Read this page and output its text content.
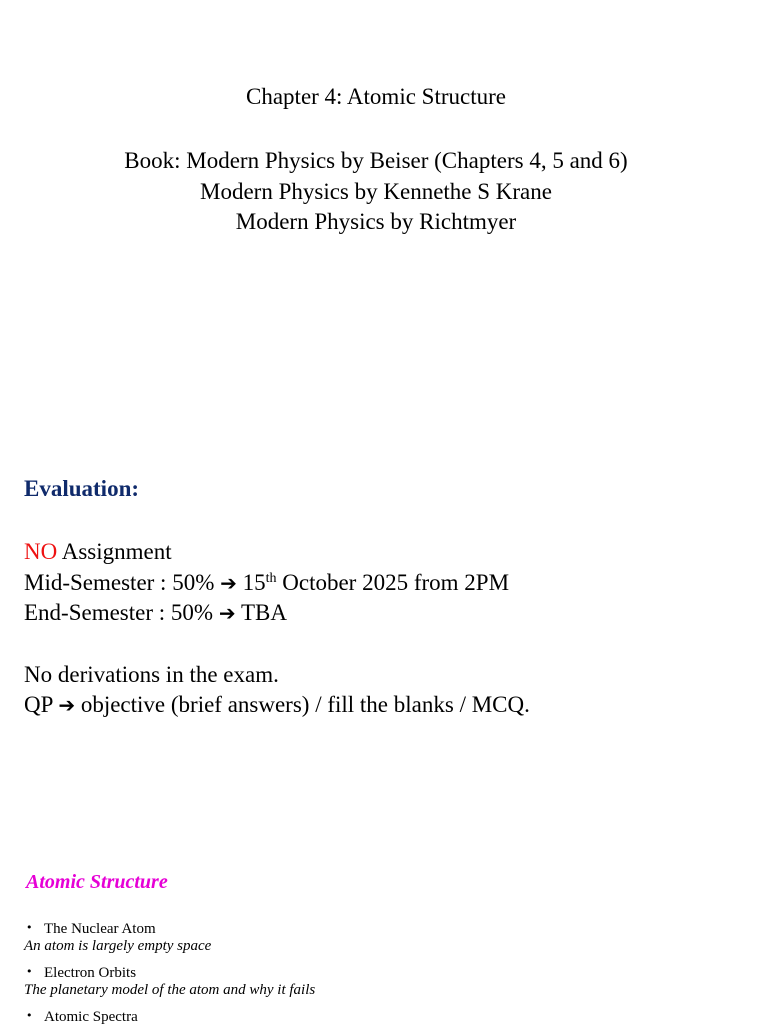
Chapter 4: Atomic Structure
Book: Modern Physics by Beiser (Chapters 4, 5 and 6)
Modern Physics by Kennethe S Krane
Modern Physics by Richtmyer
Evaluation:
NO Assignment
Mid-Semester : 50% ➔ 15th October 2025 from 2PM
End-Semester : 50% ➔ TBA
No derivations in the exam.
QP ➔ objective (brief answers) / fill the blanks / MCQ.
Atomic Structure
• The Nuclear Atom
An atom is largely empty space
• Electron Orbits
The planetary model of the atom and why it fails
• Atomic Spectra
